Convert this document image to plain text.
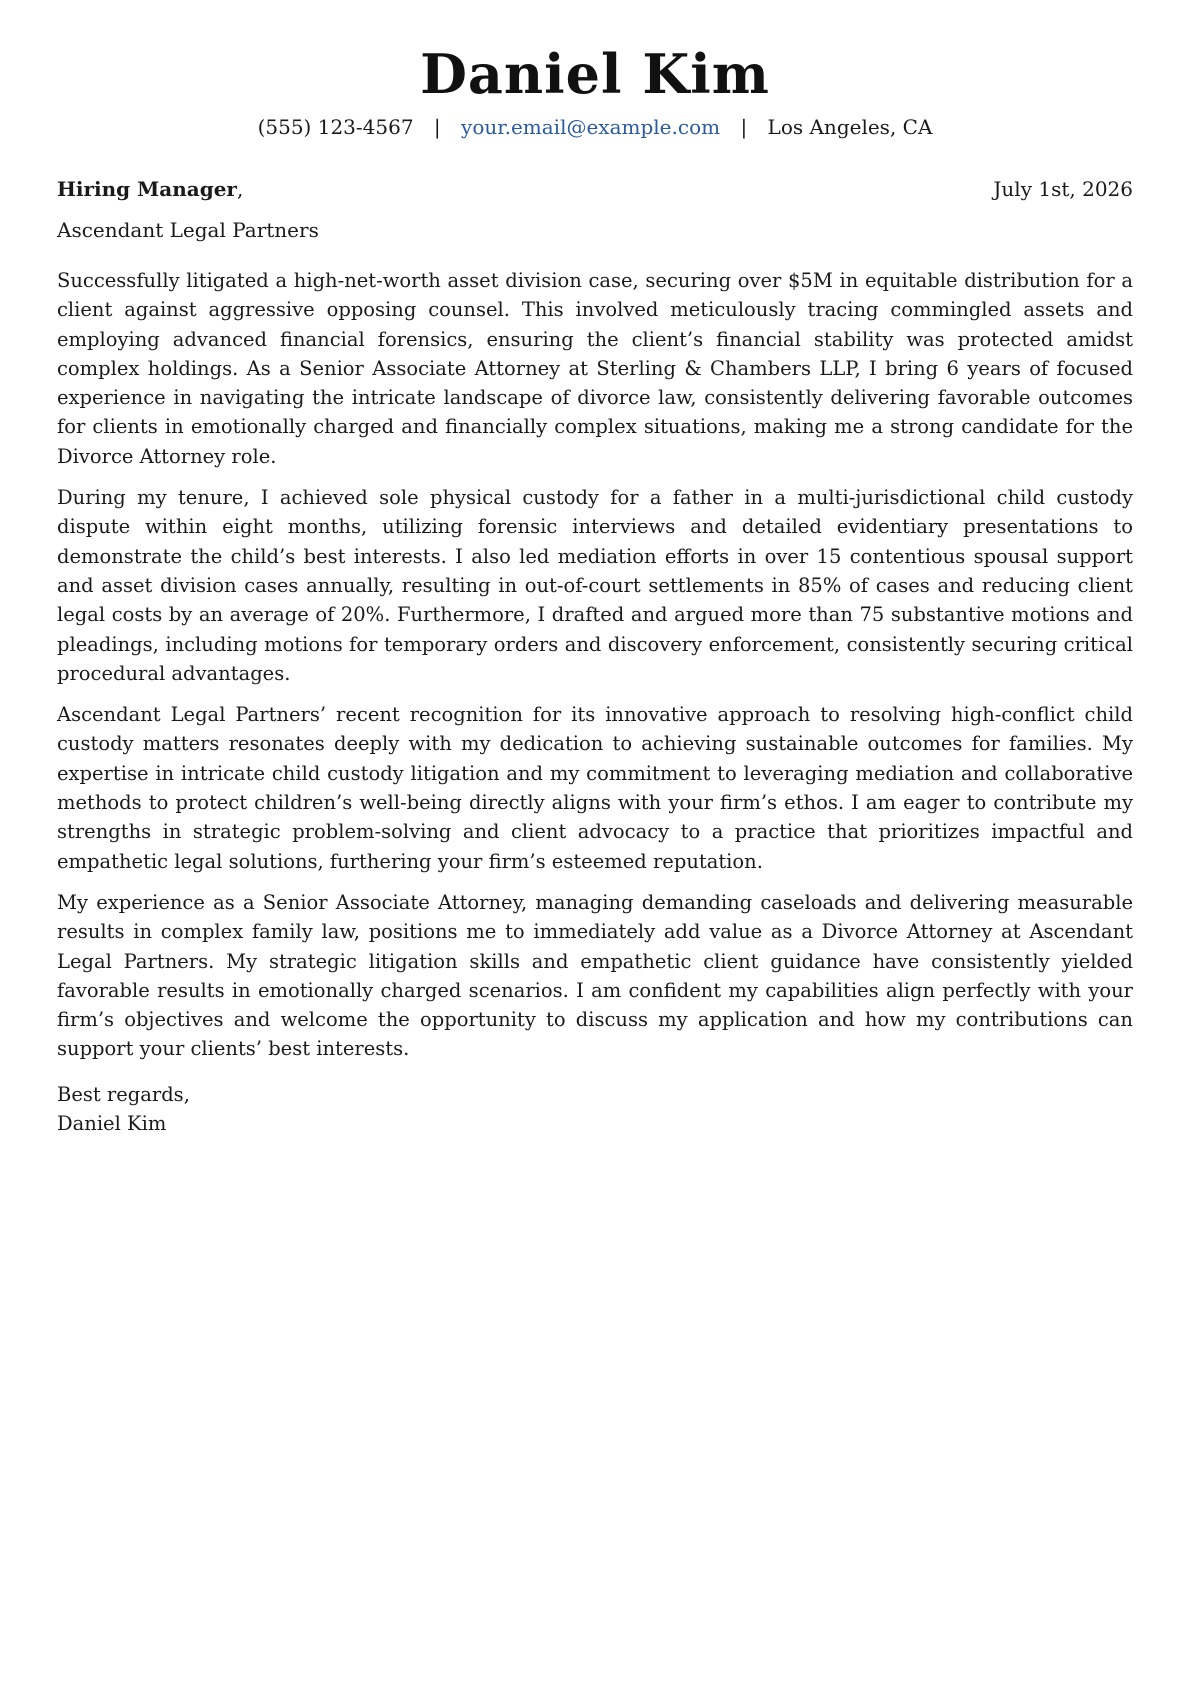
Daniel Kim
(555) 123-4567 | your.email@example.com | Los Angeles, CA
Hiring Manager,	July 1st, 2026
Ascendant Legal Partners

Successfully litigated a high-net-worth asset division case, securing over $5M in equitable distribution for a client against aggressive opposing counsel. This involved meticulously tracing commingled assets and employing advanced financial forensics, ensuring the client’s financial stability was protected amidst complex holdings. As a Senior Associate Attorney at Sterling & Chambers LLP, I bring 6 years of focused experience in navigating the intricate landscape of divorce law, consistently delivering favorable outcomes for clients in emotionally charged and financially complex situations, making me a strong candidate for the Divorce Attorney role.

During my tenure, I achieved sole physical custody for a father in a multi-jurisdictional child custody dispute within eight months, utilizing forensic interviews and detailed evidentiary presentations to demonstrate the child’s best interests. I also led mediation efforts in over 15 contentious spousal support and asset division cases annually, resulting in out-of-court settlements in 85% of cases and reducing client legal costs by an average of 20%. Furthermore, I drafted and argued more than 75 substantive motions and pleadings, including motions for temporary orders and discovery enforcement, consistently securing critical procedural advantages.

Ascendant Legal Partners’ recent recognition for its innovative approach to resolving high-conflict child custody matters resonates deeply with my dedication to achieving sustainable outcomes for families. My expertise in intricate child custody litigation and my commitment to leveraging mediation and collaborative methods to protect children’s well-being directly aligns with your firm’s ethos. I am eager to contribute my strengths in strategic problem-solving and client advocacy to a practice that prioritizes impactful and empathetic legal solutions, furthering your firm’s esteemed reputation.

My experience as a Senior Associate Attorney, managing demanding caseloads and delivering measurable results in complex family law, positions me to immediately add value as a Divorce Attorney at Ascendant Legal Partners. My strategic litigation skills and empathetic client guidance have consistently yielded favorable results in emotionally charged scenarios. I am confident my capabilities align perfectly with your firm’s objectives and welcome the opportunity to discuss my application and how my contributions can support your clients’ best interests.

Best regards,
Daniel Kim
